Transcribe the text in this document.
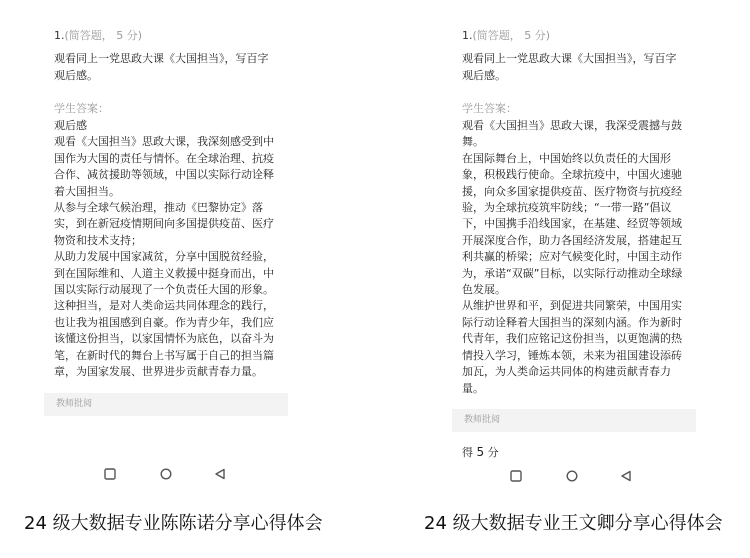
1.(简答题， 5 分)
观看同上一党思政大课《大国担当》，写百字观后感。
学生答案：

观后感

观看《大国担当》思政大课，我深刻感受到中国作为大国的责任与情怀。在全球治理、抗疫合作、减贫援助等领域，中国以实际行动诠释着大国担当。

从参与全球气候治理，推动《巴黎协定》落实，到在新冠疫情期间向多国提供疫苗、医疗物资和技术支持；

从助力发展中国家减贫，分享中国脱贫经验，到在国际维和、人道主义救援中挺身而出，中国以实际行动展现了一个负责任大国的形象。

这种担当，是对人类命运共同体理念的践行，也让我为祖国感到自豪。作为青少年，我们应该懂这份担当，以家国情怀为底色，以奋斗为笔，在新时代的舞台上书写属于自己的担当篇章，为国家发展、世界进步贡献青春力量。

教师批阅
1.(简答题， 5 分)
观看同上一党思政大课《大国担当》，写百字观后感。
学生答案：

观看《大国担当》思政大课，我深受震撼与鼓舞。

在国际舞台上，中国始终以负责任的大国形象，积极践行使命。全球抗疫中，中国火速驰援，向众多国家提供疫苗、医疗物资与抗疫经验，为全球抗疫筑牢防线；“一带一路”倡议下，中国携手沿线国家，在基建、经贸等领域开展深度合作，助力各国经济发展，搭建起互利共赢的桥梁；应对气候变化时，中国主动作为，承诺“双碳”目标，以实际行动推动全球绿色发展。

从维护世界和平，到促进共同繁荣，中国用实际行动诠释着大国担当的深刻内涵。作为新时代青年，我们应铭记这份担当，以更饱满的热情投入学习，锤炼本领，未来为祖国建设添砖加瓦，为人类命运共同体的构建贡献青春力量。

教师批阅
得 5 分
24 级大数据专业陈陈诺分享心得体会	24 级大数据专业王文卿分享心得体会
